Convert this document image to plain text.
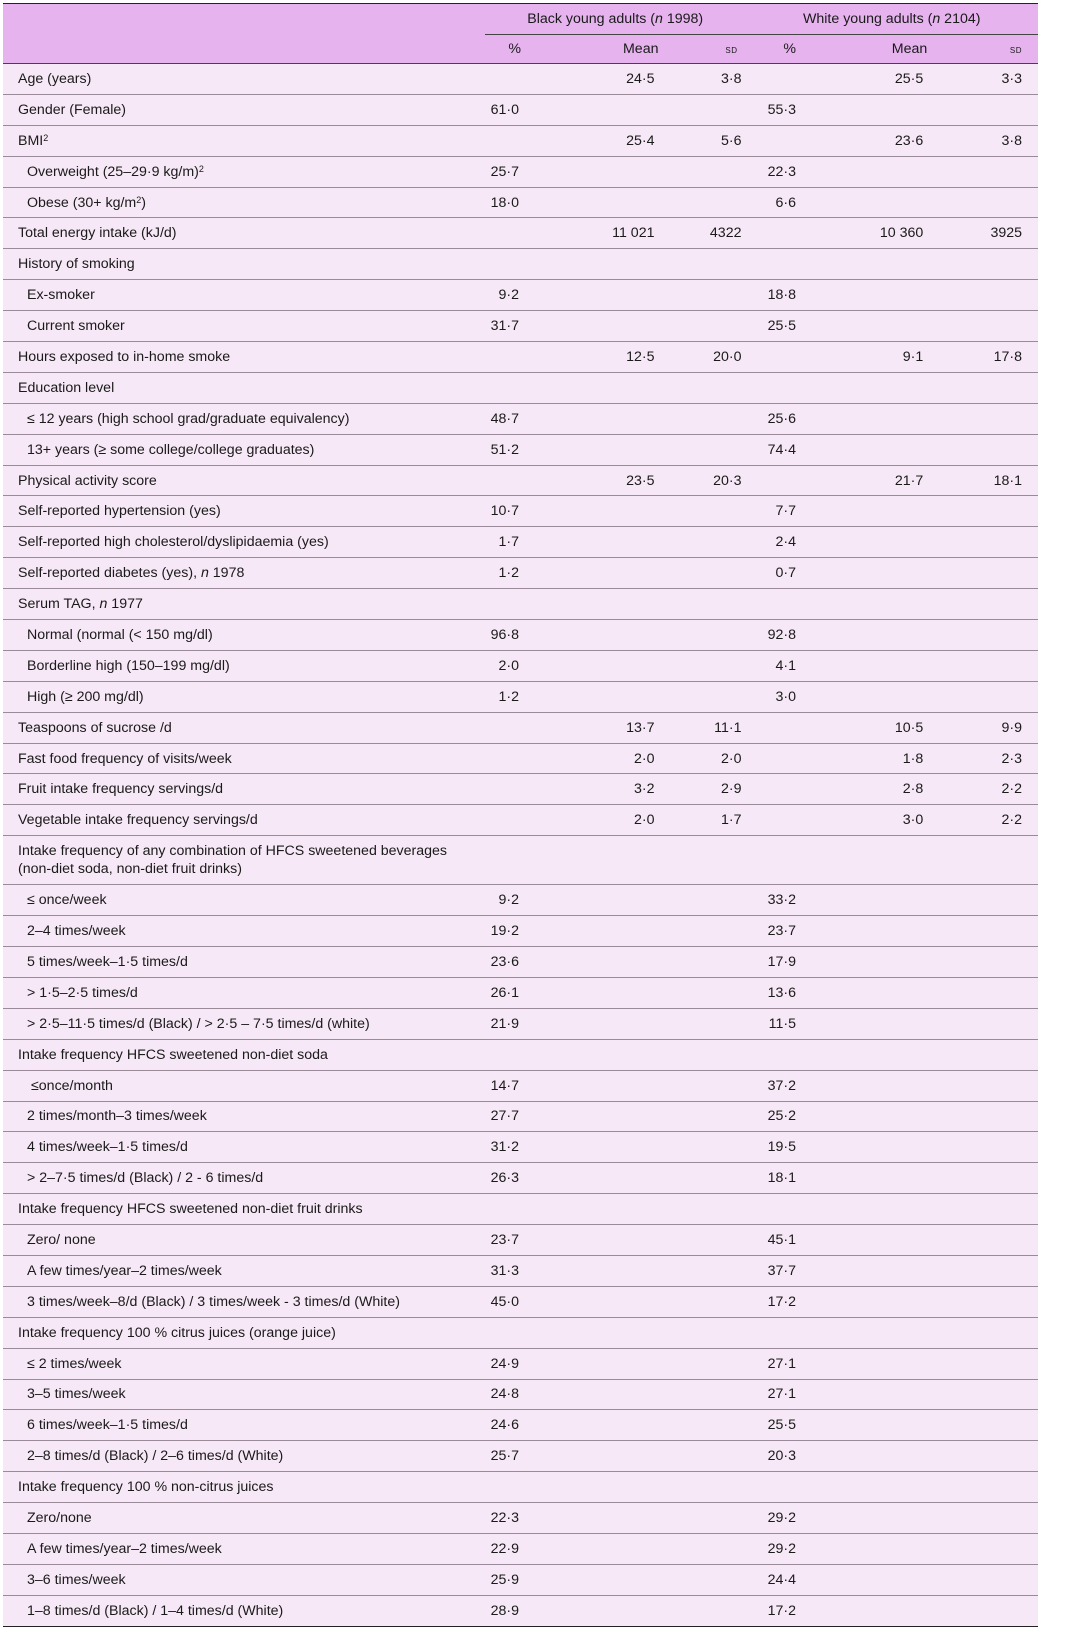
	Black young adults (n 1998)			White young adults (n 2104)		
	%	Mean	sd	%	Mean	sd
Age (years)		24·5	3·8		25·5	3·3
Gender (Female)	61·0			55·3		
BMI$^2$		25·4	5·6		23·6	3·8
Overweight (25–29·9 kg/m)$^2$	25·7			22·3		
Obese $(30+ kg/m^2)$	18·0			6·6		
Total energy intake (kJ/d)		11 021	4322		10 360	3925
History of smoking						
Ex-smoker	9·2			18·8		
Current smoker	31·7			25·5		
Hours exposed to in-home smoke		12·5	20·0		9·1	17·8
Education level						
≤ 12 years (high school grad/graduate equivalency)	48·7			25·6		
13+ years (≥ some college/college graduates)	51·2			74·4		
Physical activity score		23·5	20·3		21·7	18·1
Self-reported hypertension (yes)	10·7			7·7		
Self-reported high cholesterol/dyslipidaemia (yes)	1·7			2·4		
Self-reported diabetes (yes), n 1978	1·2			0·7		
Serum TAG, n 1977						
Normal (normal (< 150 mg/dl)	96·8			92·8		
Borderline high (150–199 mg/dl)	2·0			4·1		
High (≥ 200 mg/dl)	1·2			3·0		
Teaspoons of sucrose /d		13·7	11·1		10·5	9·9
Fast food frequency of visits/week		2·0	2·0		1·8	2·3
Fruit intake frequency servings/d		3·2	2·9		2·8	2·2
Vegetable intake frequency servings/d		2·0	1·7		3·0	2·2
Intake frequency of any combination of HFCS sweetened beverages
(non-diet soda, non-diet fruit drinks)						
≤ once/week	9·2			33·2		
2–4 times/week	19·2			23·7		
5 times/week–1·5 times/d	23·6			17·9		
> 1·5–2·5 times/d	26·1			13·6		
> 2·5–11·5 times/d (Black) / > 2·5 – 7·5 times/d (white)	21·9			11·5		
Intake frequency HFCS sweetened non-diet soda						
≤once/month	14·7			37·2		
2 times/month–3 times/week	27·7			25·2		
4 times/week–1·5 times/d	31·2			19·5		
> 2–7·5 times/d (Black) / 2 - 6 times/d	26·3			18·1		
Intake frequency HFCS sweetened non-diet fruit drinks						
Zero/ none	23·7			45·1		
A few times/year–2 times/week	31·3			37·7		
3 times/week–8/d (Black) / 3 times/week - 3 times/d (White)	45·0			17·2		
Intake frequency 100 % citrus juices (orange juice)						
≤ 2 times/week	24·9			27·1		
3–5 times/week	24·8			27·1		
6 times/week–1·5 times/d	24·6			25·5		
2–8 times/d (Black) / 2–6 times/d (White)	25·7			20·3		
Intake frequency 100 % non-citrus juices						
Zero/none	22·3			29·2		
A few times/year–2 times/week	22·9			29·2		
3–6 times/week	25·9			24·4		
1–8 times/d (Black) / 1–4 times/d (White)	28·9			17·2		
